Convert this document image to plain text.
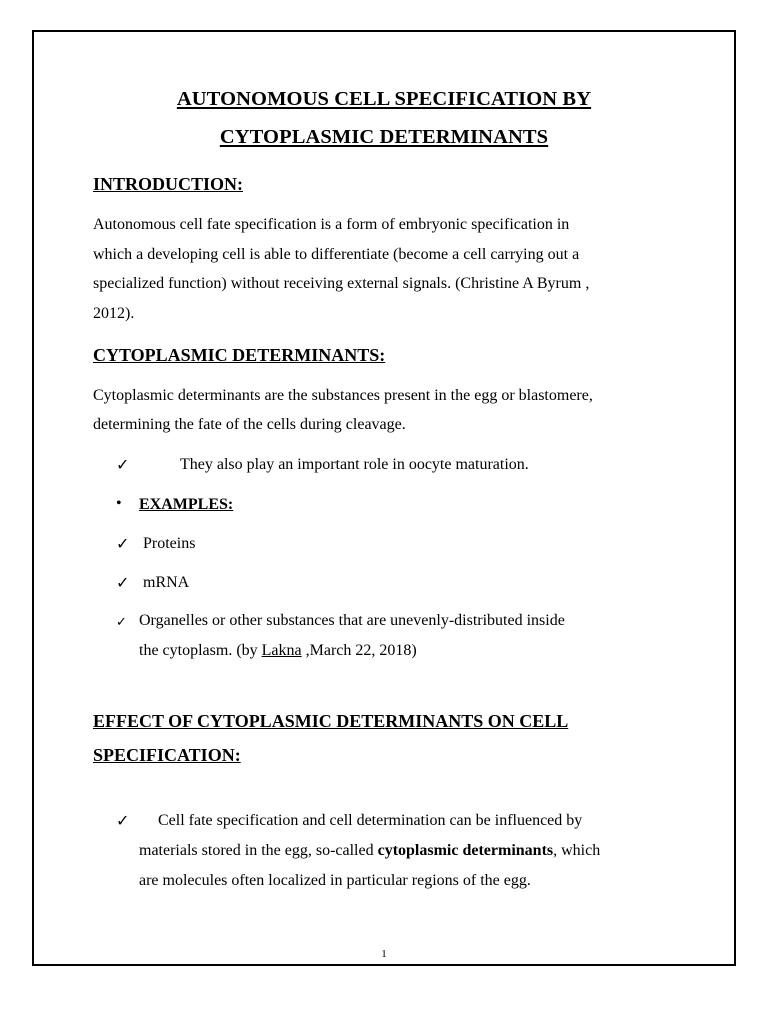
AUTONOMOUS CELL SPECIFICATION BY
CYTOPLASMIC DETERMINANTS
INTRODUCTION:
Autonomous cell fate specification is a form of embryonic specification in
which a developing cell is able to differentiate (become a cell carrying out a
specialized function) without receiving external signals. (Christine A Byrum ,
2012).
CYTOPLASMIC DETERMINANTS:
Cytoplasmic determinants are the substances present in the egg or blastomere,
determining the fate of the cells during cleavage.
✓	They also play an important role in oocyte maturation.
• EXAMPLES:
✓ Proteins
✓ mRNA
✓ Organelles or other substances that are unevenly-distributed inside
the cytoplasm. (by Lakna ,March 22, 2018)
EFFECT OF CYTOPLASMIC DETERMINANTS ON CELL
SPECIFICATION:
✓ Cell fate specification and cell determination can be influenced by
materials stored in the egg, so-called cytoplasmic determinants, which
are molecules often localized in particular regions of the egg.
1
